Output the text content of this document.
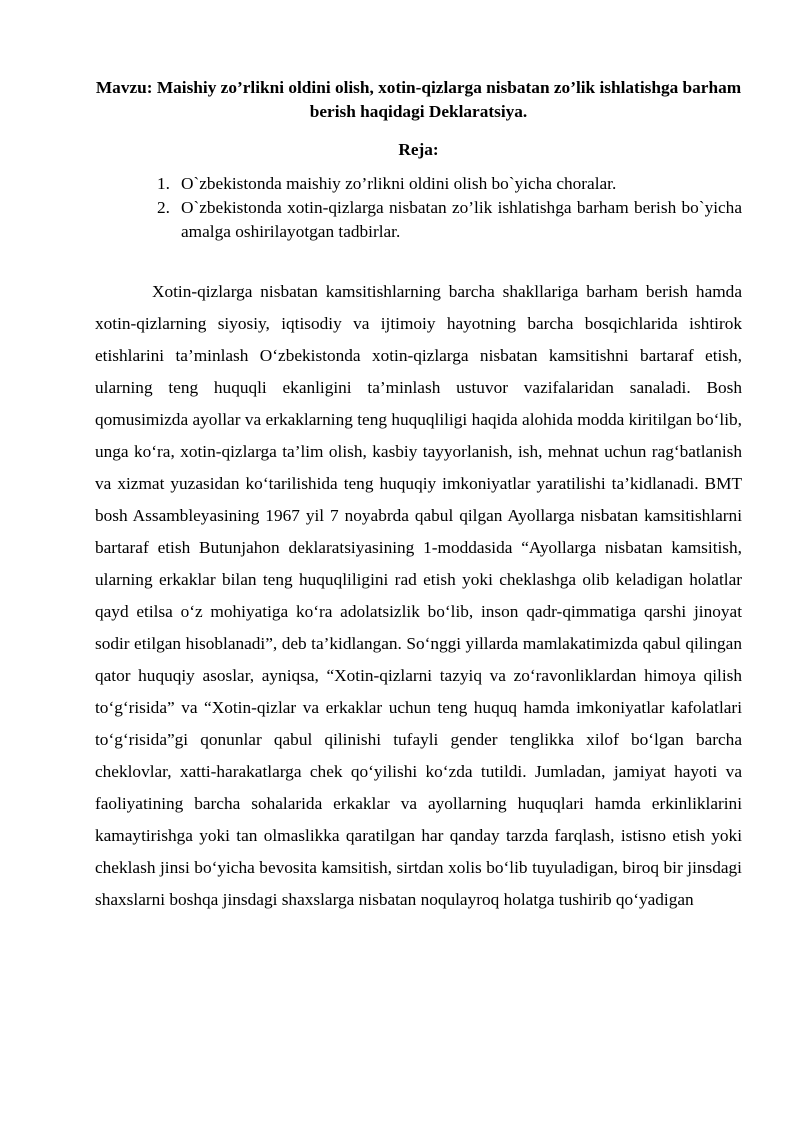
Mavzu: Maishiy zo’rlikni oldini olish, xotin-qizlarga nisbatan zo’lik ishlatishga barham berish haqidagi Deklaratsiya.
Reja:
1. O`zbekistonda maishiy zo’rlikni oldini olish bo`yicha choralar.
2. O`zbekistonda xotin-qizlarga nisbatan zo’lik ishlatishga barham berish bo`yicha amalga oshirilayotgan tadbirlar.

Xotin-qizlarga nisbatan kamsitishlarning barcha shakllariga barham berish hamda xotin-qizlarning siyosiy, iqtisodiy va ijtimoiy hayotning barcha bosqichlarida ishtirok etishlarini ta’minlash O‘zbekistonda xotin-qizlarga nisbatan kamsitishni bartaraf etish, ularning teng huquqli ekanligini ta’minlash ustuvor vazifalaridan sanaladi. Bosh qomusimizda ayollar va erkaklarning teng huquqliligi haqida alohida modda kiritilgan bo‘lib, unga ko‘ra, xotin-qizlarga ta’lim olish, kasbiy tayyorlanish, ish, mehnat uchun rag‘batlanish va xizmat yuzasidan ko‘tarilishida teng huquqiy imkoniyatlar yaratilishi ta’kidlanadi. BMT bosh Assambleyasining 1967 yil 7 noyabrda qabul qilgan Ayollarga nisbatan kamsitishlarni bartaraf etish Butunjahon deklaratsiyasining 1-moddasida “Ayollarga nisbatan kamsitish, ularning erkaklar bilan teng huquqliligini rad etish yoki cheklashga olib keladigan holatlar qayd etilsa o‘z mohiyatiga ko‘ra adolatsizlik bo‘lib, inson qadr-qimmatiga qarshi jinoyat sodir etilgan hisoblanadi”, deb ta’kidlangan. So‘nggi yillarda mamlakatimizda qabul qilingan qator huquqiy asoslar, ayniqsa, “Xotin-qizlarni tazyiq va zo‘ravonliklardan himoya qilish to‘g‘risida” va “Xotin-qizlar va erkaklar uchun teng huquq hamda imkoniyatlar kafolatlari to‘g‘risida”gi qonunlar qabul qilinishi tufayli gender tenglikka xilof bo‘lgan barcha cheklovlar, xatti-harakatlarga chek qo‘yilishi ko‘zda tutildi. Jumladan, jamiyat hayoti va faoliyatining barcha sohalarida erkaklar va ayollarning huquqlari hamda erkinliklarini kamaytirishga yoki tan olmaslikka qaratilgan har qanday tarzda farqlash, istisno etish yoki cheklash jinsi bo‘yicha bevosita kamsitish, sirtdan xolis bo‘lib tuyuladigan, biroq bir jinsdagi shaxslarni boshqa jinsdagi shaxslarga nisbatan noqulayroq holatga tushirib qo‘yadigan
